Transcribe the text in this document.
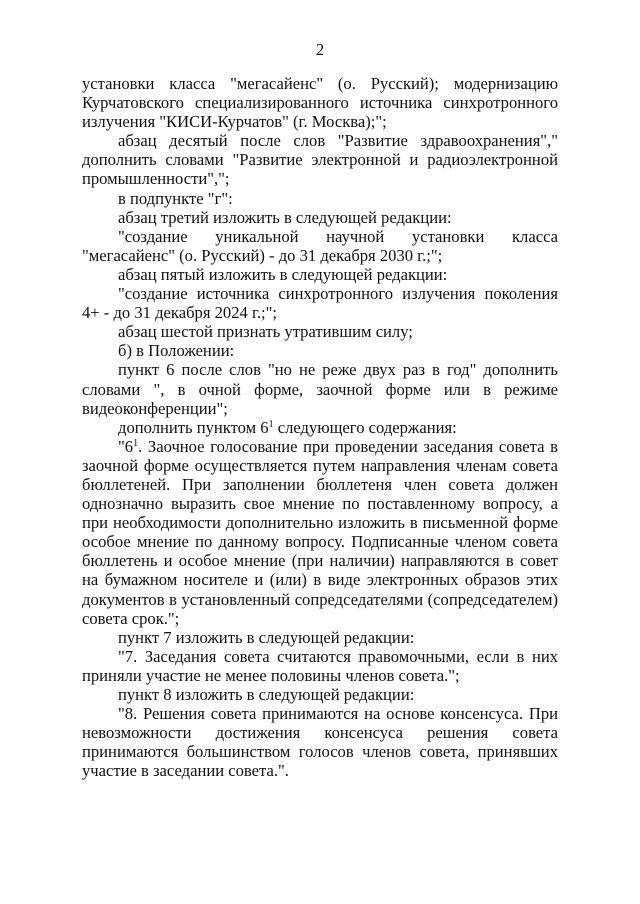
2

установки класса "мегасайенс" (о. Русский); модернизацию Курчатовского специализированного источника синхротронного излучения "КИСИ-Курчатов" (г. Москва);";

абзац десятый после слов "Развитие здравоохранения"," дополнить словами "Развитие электронной и радиоэлектронной промышленности",";

в подпункте "г":

абзац третий изложить в следующей редакции:

"создание уникальной научной установки класса "мегасайенс" (о. Русский) - до 31 декабря 2030 г.;";

абзац пятый изложить в следующей редакции:

"создание источника синхротронного излучения поколения 4+ - до 31 декабря 2024 г.;";

абзац шестой признать утратившим силу;

б) в Положении:

пункт 6 после слов "но не реже двух раз в год" дополнить словами ", в очной форме, заочной форме или в режиме видеоконференции";

дополнить пунктом $6^1$ следующего содержания:

"$6^1$. Заочное голосование при проведении заседания совета в заочной форме осуществляется путем направления членам совета бюллетеней. При заполнении бюллетеня член совета должен однозначно выразить свое мнение по поставленному вопросу, а при необходимости дополнительно изложить в письменной форме особое мнение по данному вопросу. Подписанные членом совета бюллетень и особое мнение (при наличии) направляются в совет на бумажном носителе и (или) в виде электронных образов этих документов в установленный сопредседателями (сопредседателем) совета срок.";

пункт 7 изложить в следующей редакции:

"7. Заседания совета считаются правомочными, если в них приняли участие не менее половины членов совета.";

пункт 8 изложить в следующей редакции:

"8. Решения совета принимаются на основе консенсуса. При невозможности достижения консенсуса решения совета принимаются большинством голосов членов совета, принявших участие в заседании совета.".
